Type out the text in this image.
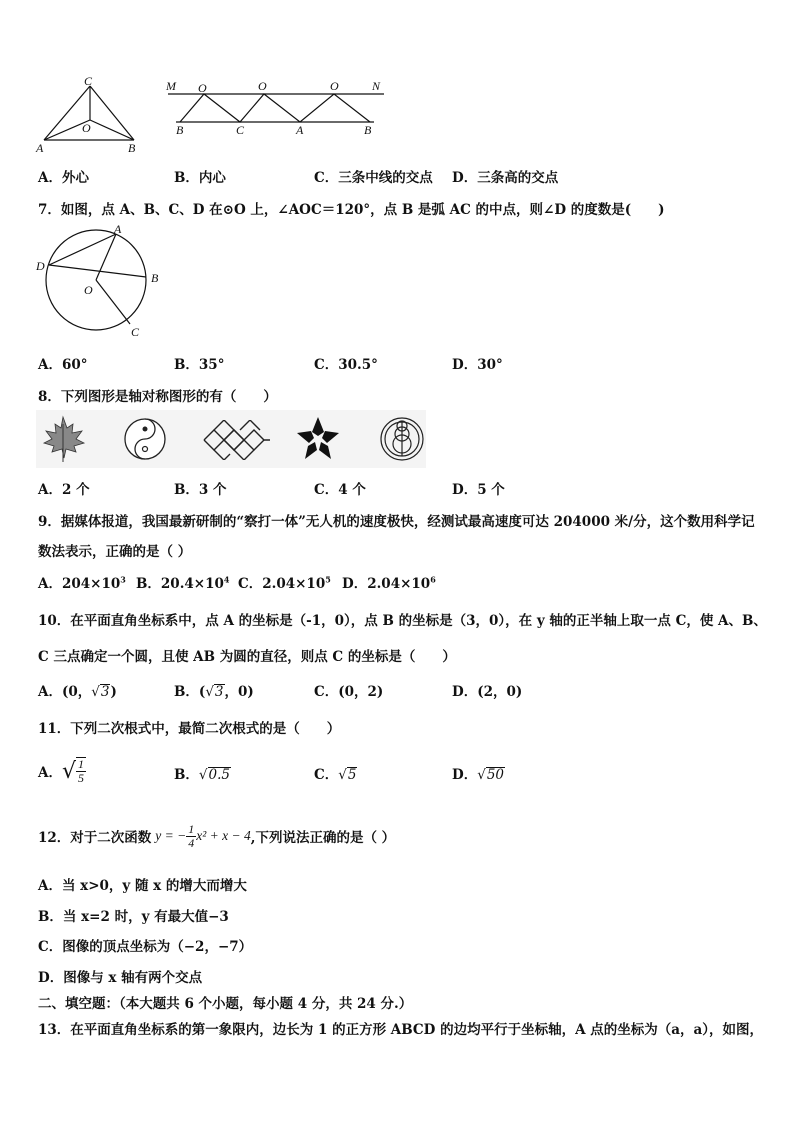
C
O
A	B
M O	O	O	N
B	C	A	B
A．外心	B．内心	C．三条中线的交点 D．三条高的交点
7．如图，点 A、B、C、D 在⊙O 上，∠AOC＝120°，点 B 是弧 AC 的中点，则∠D 的度数是(　　)
A
D
B
O
C
A．60°	B．35°	C．30.5°	D．30°
8．下列图形是轴对称图形的有（　　）
A．2 个	B．3 个	C．4 个	D．5 个
9．据媒体报道，我国最新研制的“察打一体”无人机的速度极快，经测试最高速度可达 204000 米/分，这个数用科学记
数法表示，正确的是（ ）
A．$204\times 10^3$ B．$20.4\times 10^4$ C．$2.04\times 10^5$ D．$2.04\times 10^6$
10．在平面直角坐标系中，点 A 的坐标是（-1，0），点 B 的坐标是（3，0），在 y 轴的正半轴上取一点 C，使 A、B、
C 三点确定一个圆，且使 AB 为圆的直径，则点 C 的坐标是（　　）
A．(0，√3)	B．(√3，0)	C．(0，2)	D．(2，0)
11．下列二次根式中，最简二次根式的是（　　）
A． √ $\frac{1}{5}$	B．√0.5	C．√5	D．√50
12．对于二次函数 y = − $\frac{1}{4} x^2 + x - 4$ ,下列说法正确的是（ ）
A．当 x>0，y 随 x 的增大而增大
B．当 x=2 时，y 有最大值−3
C．图像的顶点坐标为（−2，−7）
D．图像与 x 轴有两个交点
二、填空题：（本大题共 6 个小题，每小题 4 分，共 24 分.）
13．在平面直角坐标系的第一象限内，边长为 1 的正方形 ABCD 的边均平行于坐标轴，A 点的坐标为（a，a），如图，
